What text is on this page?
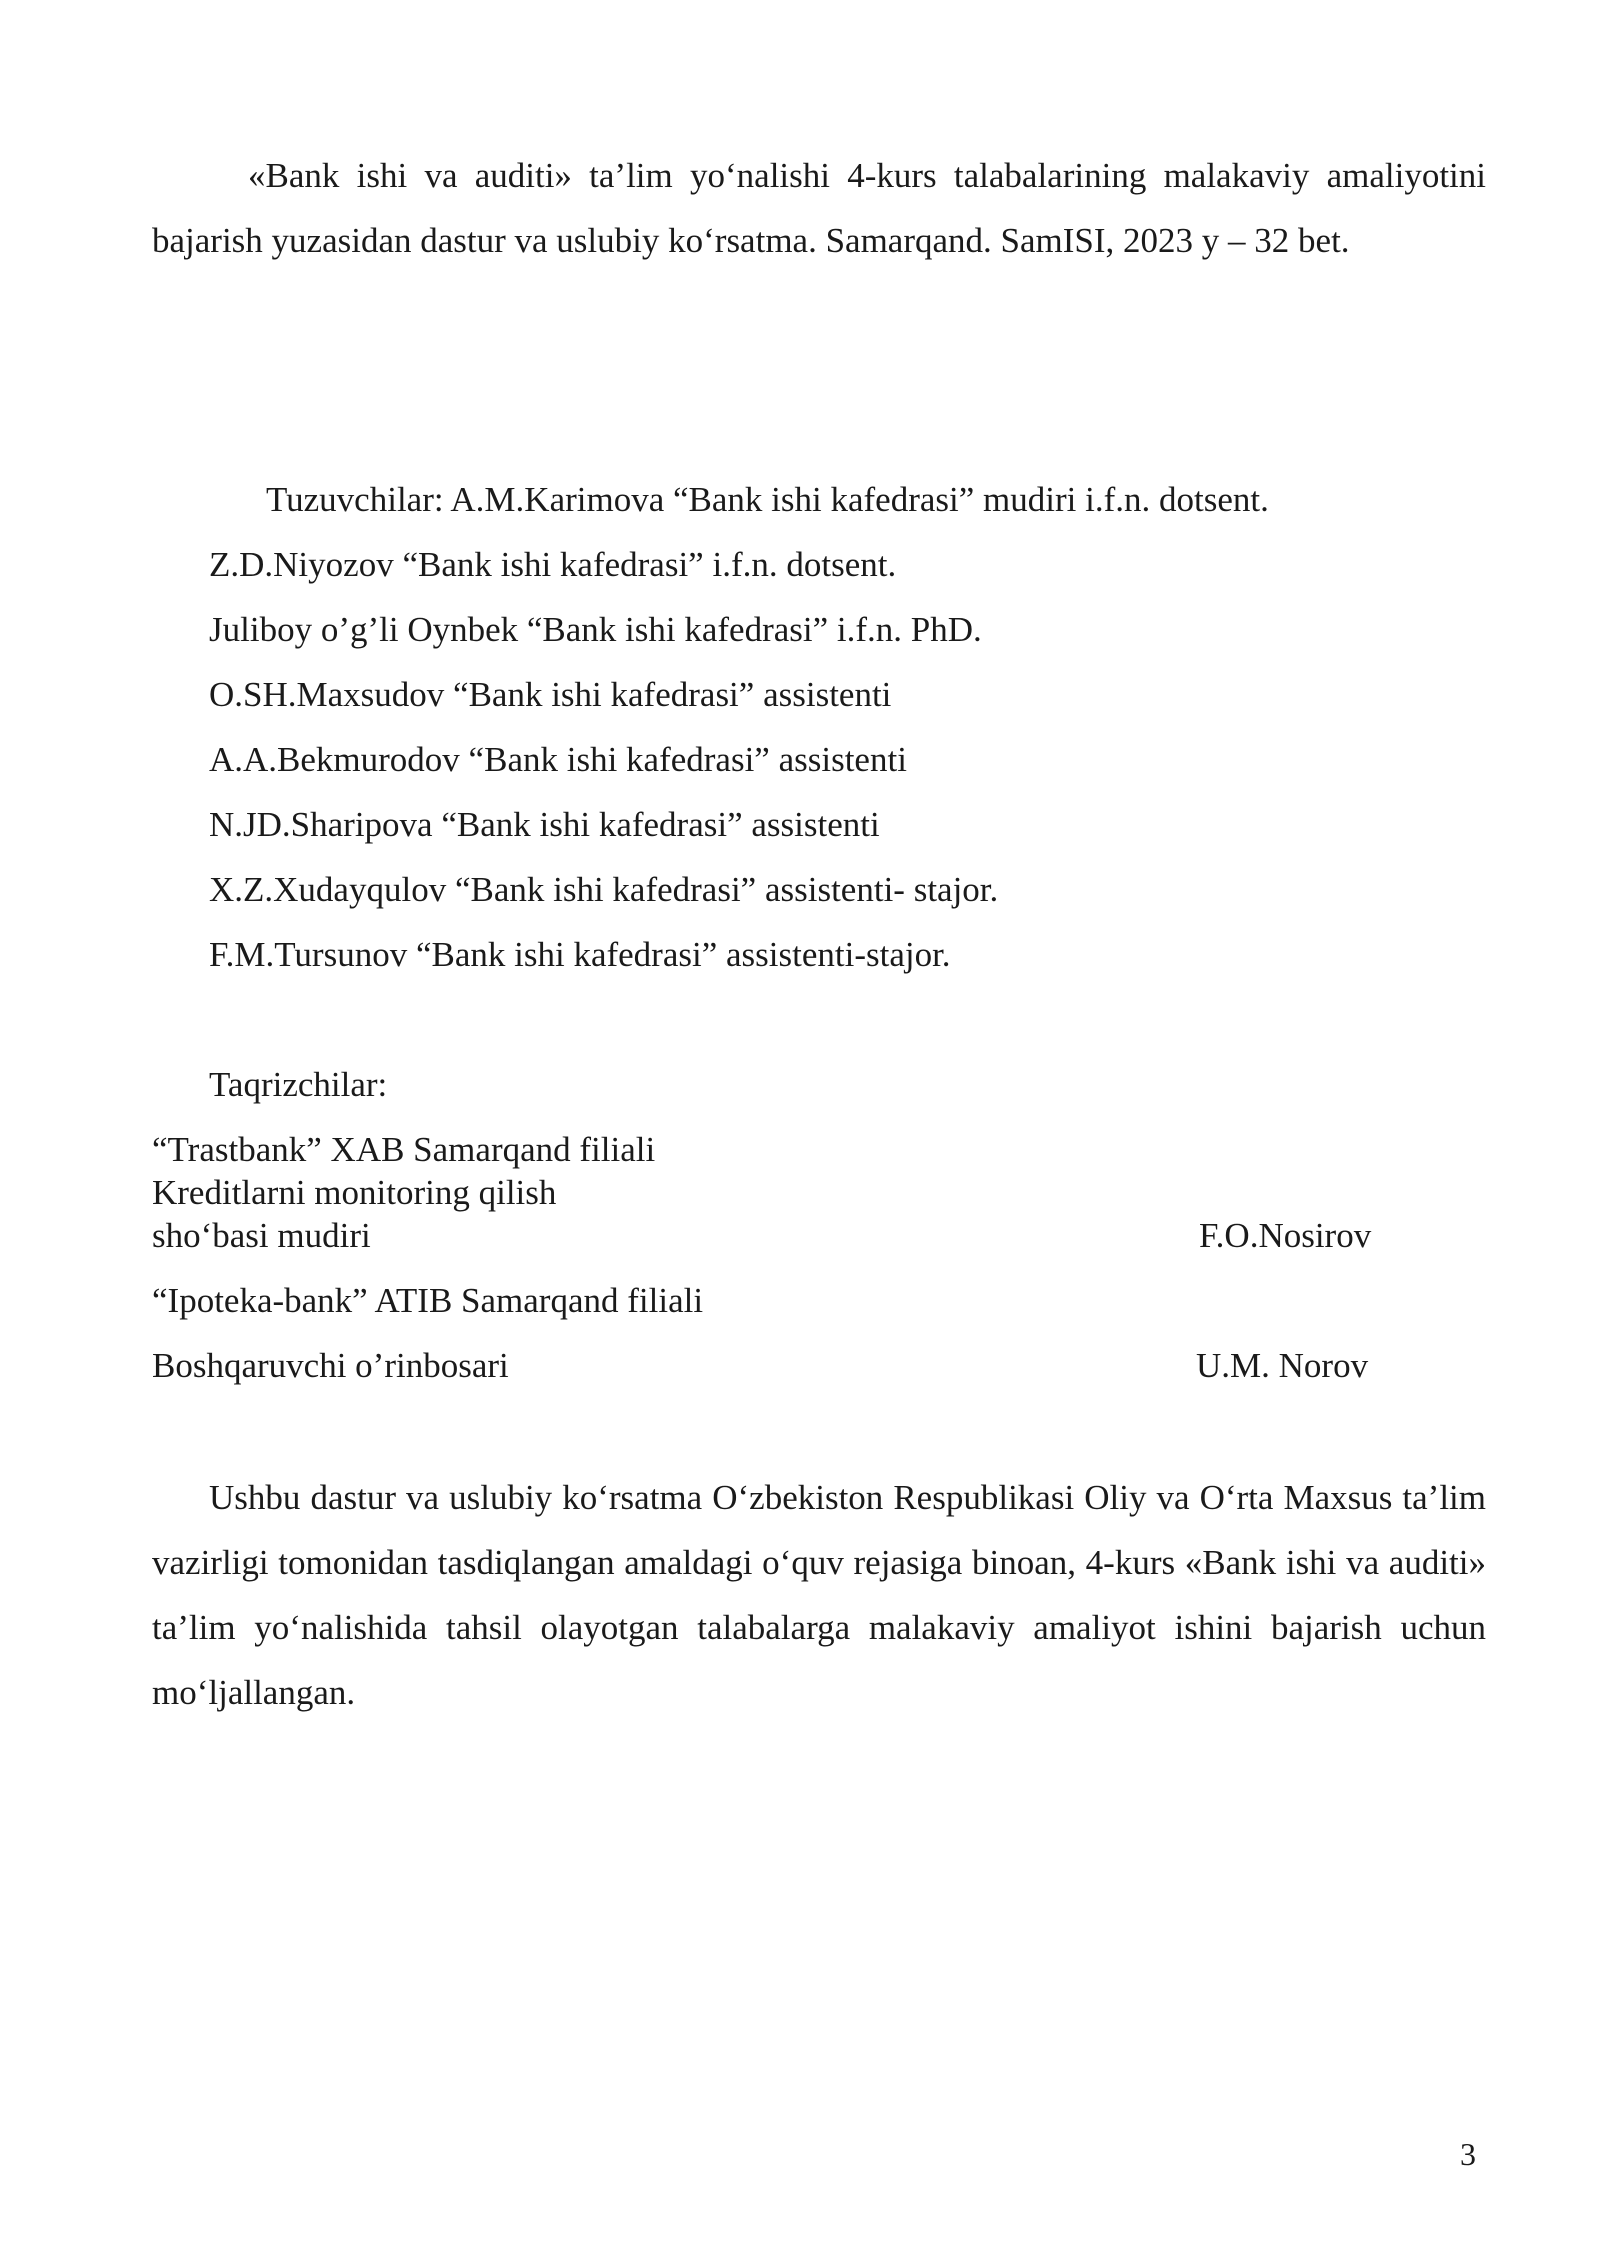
«Bank ishi va auditi» ta’lim yo‘nalishi 4-kurs talabalarining malakaviy amaliyotini bajarish yuzasidan dastur va uslubiy ko‘rsatma. Samarqand. SamISI, 2023 y – 32 bet.

Tuzuvchilar: A.M.Karimova “Bank ishi kafedrasi” mudiri i.f.n. dotsent.

Z.D.Niyozov “Bank ishi kafedrasi” i.f.n. dotsent.

Juliboy o’g’li Oynbek “Bank ishi kafedrasi” i.f.n. PhD.

O.SH.Maxsudov “Bank ishi kafedrasi” assistenti

A.A.Bekmurodov “Bank ishi kafedrasi” assistenti

N.JD.Sharipova “Bank ishi kafedrasi” assistenti

X.Z.Xudayqulov “Bank ishi kafedrasi” assistenti- stajor.

F.M.Tursunov “Bank ishi kafedrasi” assistenti-stajor.

Taqrizchilar:

“Trastbank” XAB Samarqand filiali

Kreditlarni monitoring qilish

sho‘basi mudiri	F.O.Nosirov

“Ipoteka-bank” ATIB Samarqand filiali

Boshqaruvchi o’rinbosari	U.M. Norov

Ushbu dastur va uslubiy ko‘rsatma O‘zbekiston Respublikasi Oliy va O‘rta Maxsus ta’lim vazirligi tomonidan tasdiqlangan amaldagi o‘quv rejasiga binoan, 4-kurs «Bank ishi va auditi» ta’lim yo‘nalishida tahsil olayotgan talabalarga malakaviy amaliyot ishini bajarish uchun mo‘ljallangan.

3
